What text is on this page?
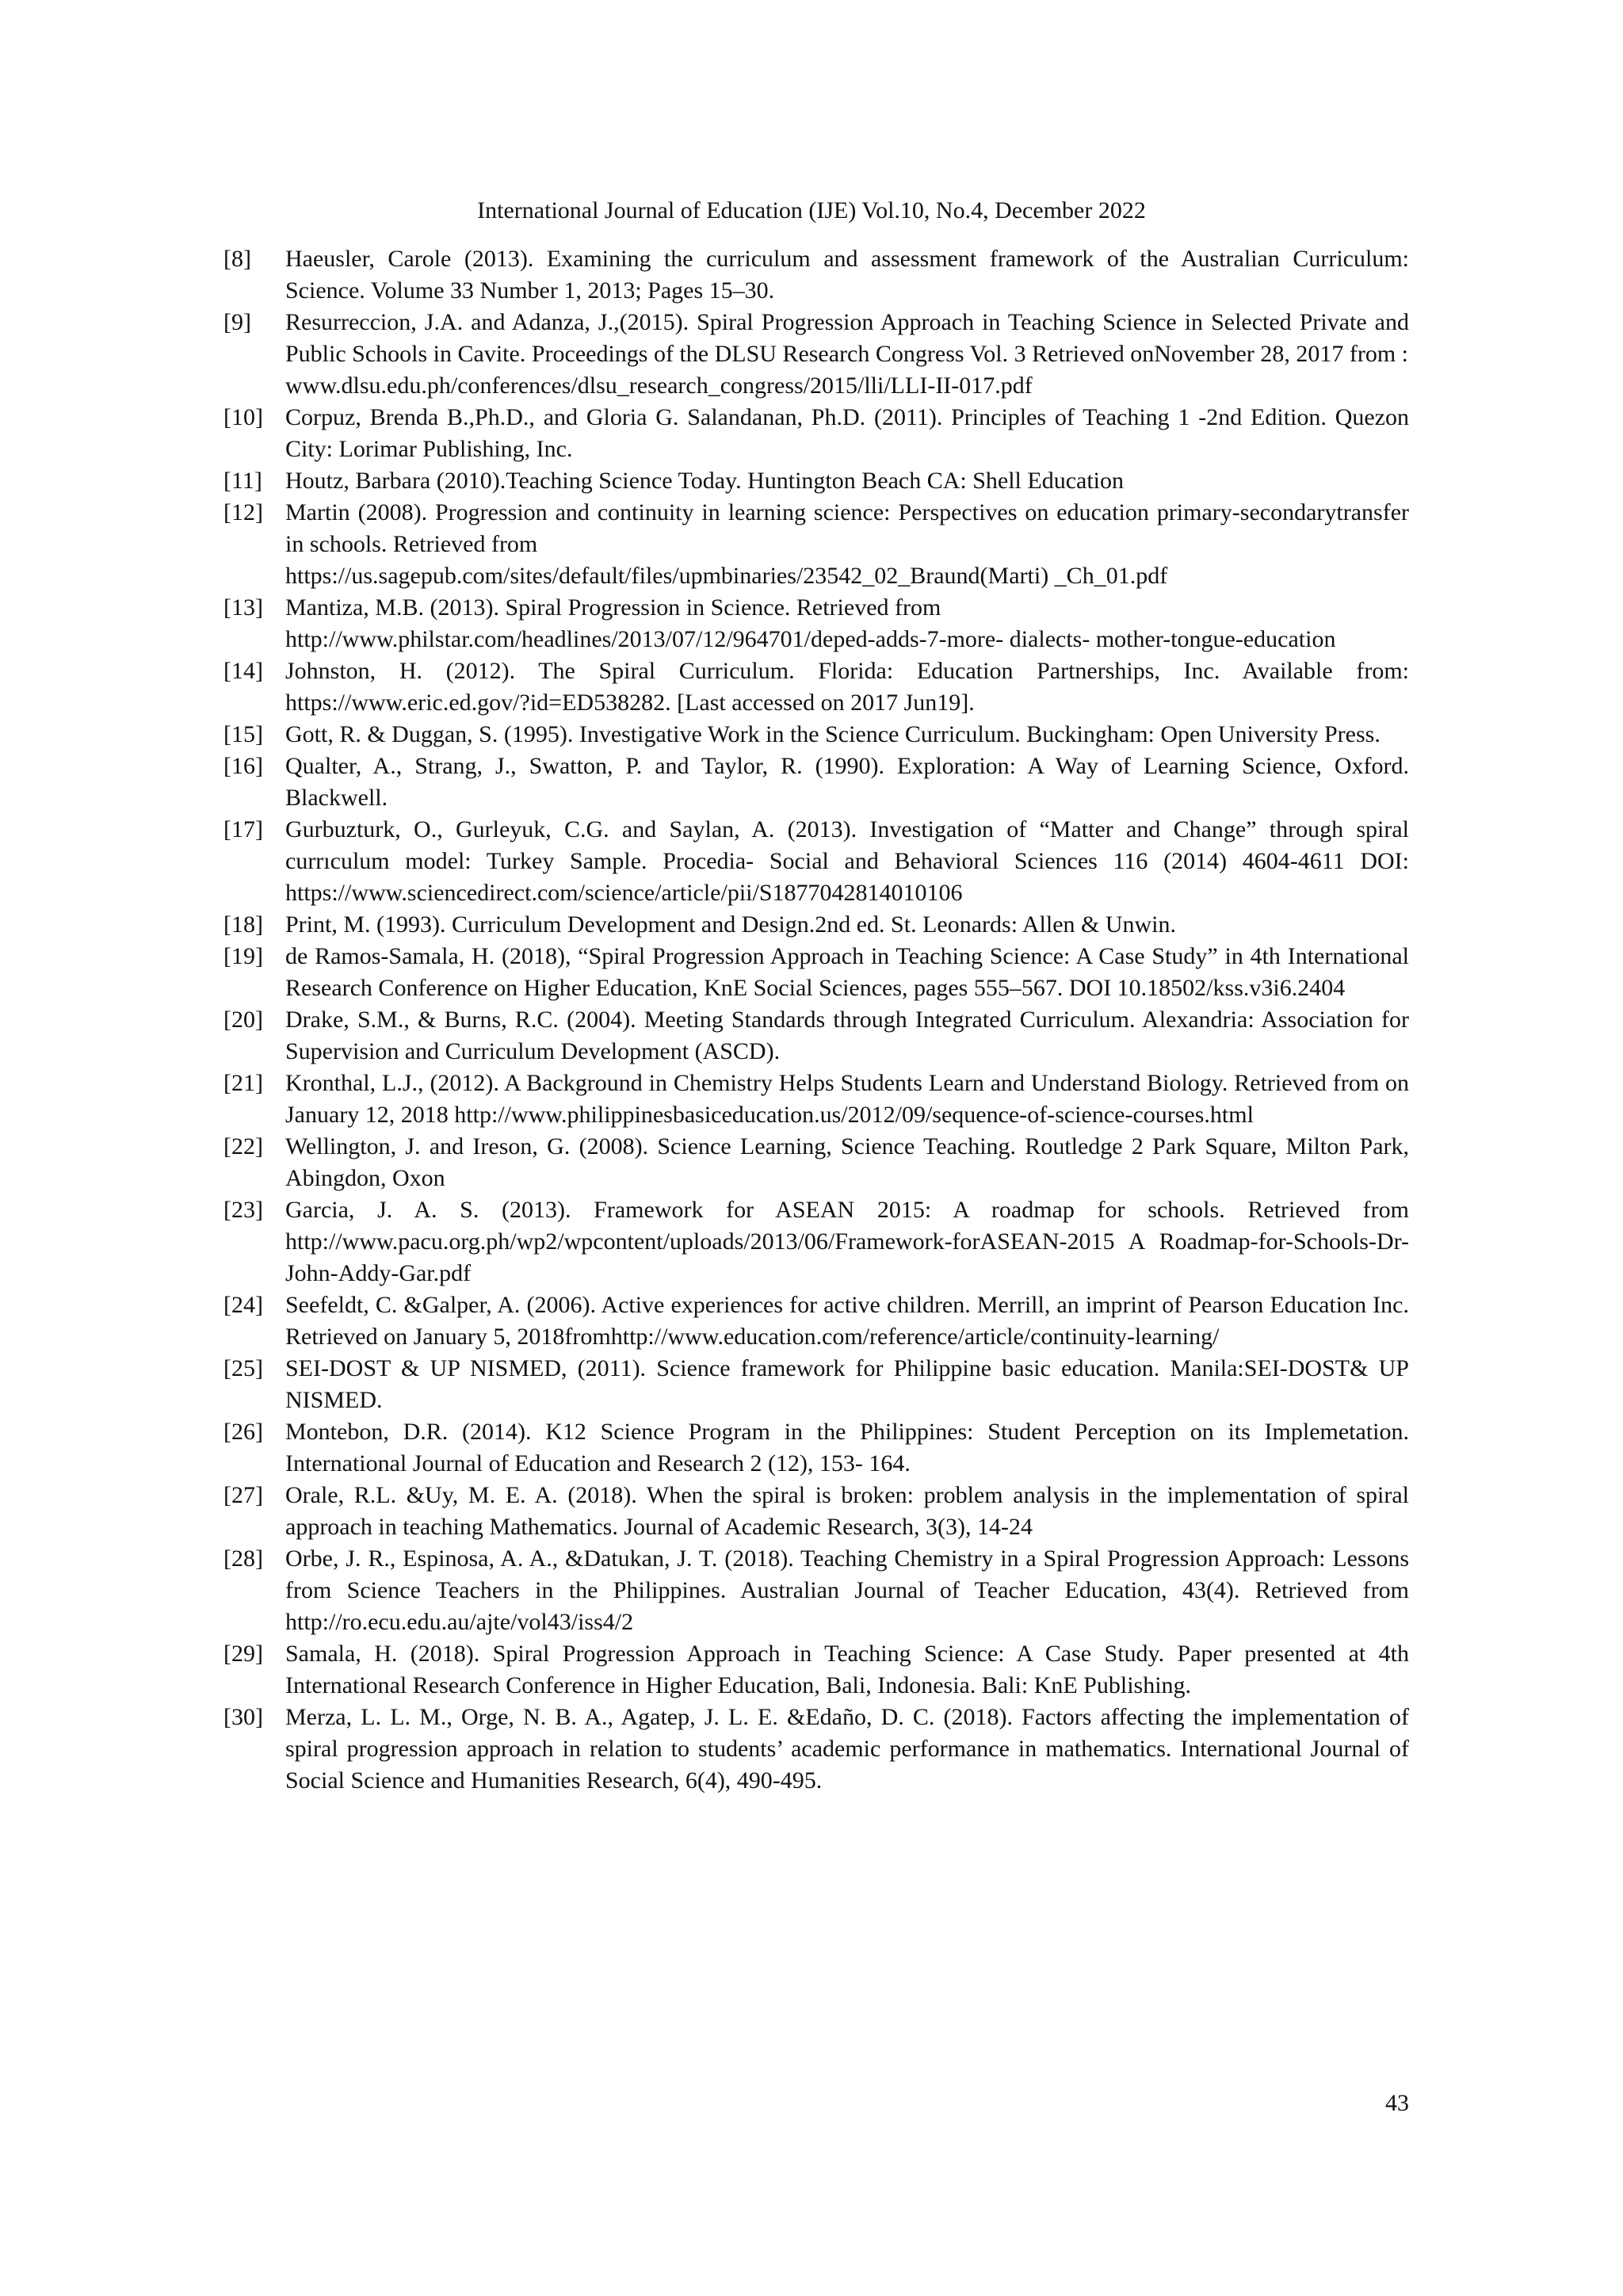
International Journal of Education (IJE) Vol.10, No.4, December 2022
[8]	Haeusler, Carole (2013). Examining the curriculum and assessment framework of the Australian Curriculum: Science. Volume 33 Number 1, 2013; Pages 15–30.
[9]	Resurreccion, J.A. and Adanza, J.,(2015). Spiral Progression Approach in Teaching Science in Selected Private and Public Schools in Cavite. Proceedings of the DLSU Research Congress Vol. 3 Retrieved onNovember 28, 2017 from :
www.dlsu.edu.ph/conferences/dlsu_research_congress/2015/lli/LLI-II-017.pdf
[10] Corpuz, Brenda B.,Ph.D., and Gloria G. Salandanan, Ph.D. (2011). Principles of Teaching 1 -2nd Edition. Quezon City: Lorimar Publishing, Inc.
[11] Houtz, Barbara (2010).Teaching Science Today. Huntington Beach CA: Shell Education
[12] Martin (2008). Progression and continuity in learning science: Perspectives on education primary-secondarytransfer in schools. Retrieved from
https://us.sagepub.com/sites/default/files/upmbinaries/23542_02_Braund(Marti) _Ch_01.pdf
[13] Mantiza, M.B. (2013). Spiral Progression in Science. Retrieved from
http://www.philstar.com/headlines/2013/07/12/964701/deped-adds-7-more- dialects- mother-tongue-education
[14] Johnston, H. (2012). The Spiral Curriculum. Florida: Education Partnerships, Inc. Available from: https://www.eric.ed.gov/?id=ED538282. [Last accessed on 2017 Jun19].
[15] Gott, R. & Duggan, S. (1995). Investigative Work in the Science Curriculum. Buckingham: Open University Press.
[16] Qualter, A., Strang, J., Swatton, P. and Taylor, R. (1990). Exploration: A Way of Learning Science, Oxford. Blackwell.
[17] Gurbuzturk, O., Gurleyuk, C.G. and Saylan, A. (2013). Investigation of “Matter and Change” through spiral currıculum model: Turkey Sample. Procedia- Social and Behavioral Sciences 116 (2014) 4604-4611 DOI: https://www.sciencedirect.com/science/article/pii/S1877042814010106
[18] Print, M. (1993). Curriculum Development and Design.2nd ed. St. Leonards: Allen & Unwin.
[19] de Ramos-Samala, H. (2018), “Spiral Progression Approach in Teaching Science: A Case Study” in 4th International Research Conference on Higher Education, KnE Social Sciences, pages 555–567. DOI 10.18502/kss.v3i6.2404
[20] Drake, S.M., & Burns, R.C. (2004). Meeting Standards through Integrated Curriculum. Alexandria: Association for Supervision and Curriculum Development (ASCD).
[21] Kronthal, L.J., (2012). A Background in Chemistry Helps Students Learn and Understand Biology. Retrieved from on January 12, 2018 http://www.philippinesbasiceducation.us/2012/09/sequence-of-science-courses.html
[22] Wellington, J. and Ireson, G. (2008). Science Learning, Science Teaching. Routledge 2 Park Square, Milton Park, Abingdon, Oxon
[23] Garcia, J. A. S. (2013). Framework for ASEAN 2015: A roadmap for schools. Retrieved from http://www.pacu.org.ph/wp2/wpcontent/uploads/2013/06/Framework-forASEAN-2015 A Roadmap-for-Schools-Dr-John-Addy-Gar.pdf
[24] Seefeldt, C. &Galper, A. (2006). Active experiences for active children. Merrill, an imprint of Pearson Education Inc. Retrieved on January 5, 2018fromhttp://www.education.com/reference/article/continuity-learning/
[25] SEI-DOST & UP NISMED, (2011). Science framework for Philippine basic education. Manila:SEI-DOST& UP NISMED.
[26] Montebon, D.R. (2014). K12 Science Program in the Philippines: Student Perception on its Implemetation. International Journal of Education and Research 2 (12), 153- 164.
[27] Orale, R.L. &Uy, M. E. A. (2018). When the spiral is broken: problem analysis in the implementation of spiral approach in teaching Mathematics. Journal of Academic Research, 3(3), 14-24
[28] Orbe, J. R., Espinosa, A. A., &Datukan, J. T. (2018). Teaching Chemistry in a Spiral Progression Approach: Lessons from Science Teachers in the Philippines. Australian Journal of Teacher Education, 43(4). Retrieved from http://ro.ecu.edu.au/ajte/vol43/iss4/2
[29] Samala, H. (2018). Spiral Progression Approach in Teaching Science: A Case Study. Paper presented at 4th International Research Conference in Higher Education, Bali, Indonesia. Bali: KnE Publishing.
[30] Merza, L. L. M., Orge, N. B. A., Agatep, J. L. E. &Edaño, D. C. (2018). Factors affecting the implementation of spiral progression approach in relation to students’ academic performance in mathematics. International Journal of Social Science and Humanities Research, 6(4), 490-495.
43
